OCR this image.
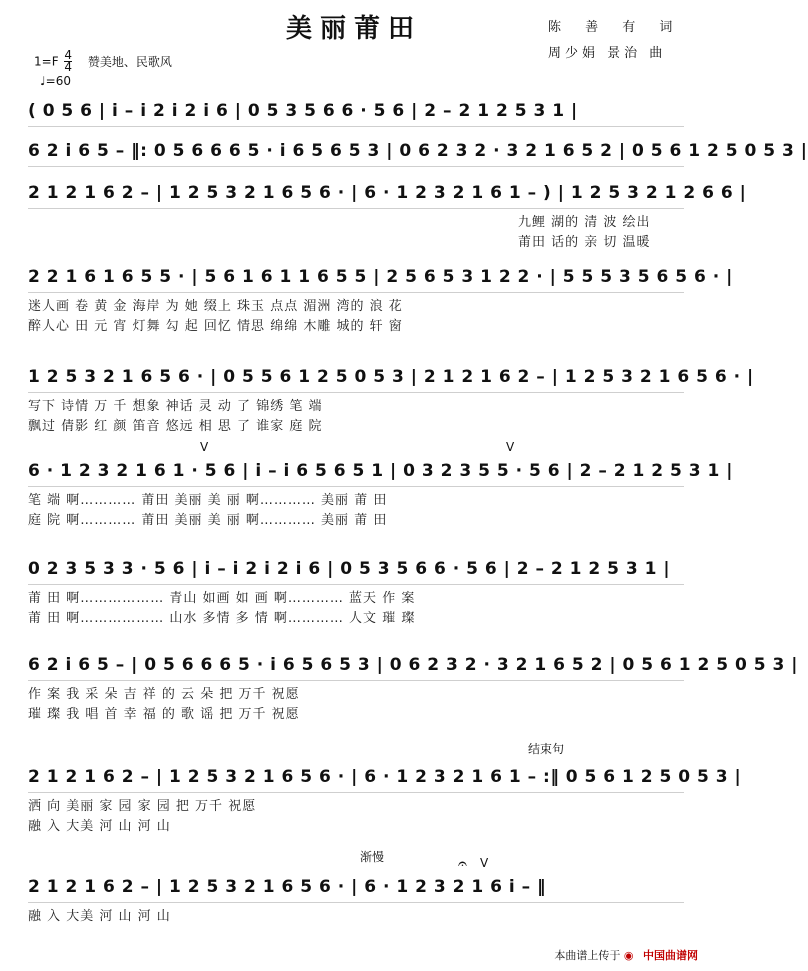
美丽莆田	陈 善 有 词
周少娟 景治 曲
$1=F \frac{4}{4}$ 赞美地、民歌风
♩=60
( 0 5 6 | i – i 2 i 2 i 6 | 0 5 3 5 6 6 · 5 6 | 2 – 2 1 2 5 3 1 |
6 2 i 6 5 – ‖: 0 5 6 6 6 5 · i 6 5 6 5 3 | 0 6 2 3 2 · 3 2 1 6 5 2 | 0 5 6 1 2 5 0 5 3 |
2 1 2 1 6 2 – | 1 2 5 3 2 1 6 5 6 · | 6 · 1 2 3 2 1 6 1 – ) | 1 2 5 3 2 1 2 6 6 |
九鲤 湖的 清 波 绘出
莆田 话的 亲 切 温暖
2 2 1 6 1 6 5 5 · | 5 6 1 6 1 1 6 5 5 | 2 5 6 5 3 1 2 2 · | 5 5 5 3 5 6 5 6 · |
迷人画 卷 黄 金 海岸 为 她 缀上 珠玉 点点 湄洲 湾的 浪 花
醉人心 田 元 宵 灯舞 勾 起 回忆 情思 绵绵 木雕 城的 轩 窗
1 2 5 3 2 1 6 5 6 · | 0 5 5 6 1 2 5 0 5 3 | 2 1 2 1 6 2 – | 1 2 5 3 2 1 6 5 6 · |
写下 诗情 万 千 想象 神话 灵 动 了 锦绣 笔 端
飘过 倩影 红 颜 笛音 悠远 相 思 了 谁家 庭 院
V	V
6 · 1 2 3 2 1 6 1 · 5 6 | i – i 6 5 6 5 1 | 0 3 2 3 5 5 · 5 6 | 2 – 2 1 2 5 3 1 |
笔 端 啊………… 莆田 美丽 美 丽 啊………… 美丽 莆 田
庭 院 啊………… 莆田 美丽 美 丽 啊………… 美丽 莆 田
0 2 3 5 3 3 · 5 6 | i – i 2 i 2 i 6 | 0 5 3 5 6 6 · 5 6 | 2 – 2 1 2 5 3 1 |
莆 田 啊……………… 青山 如画 如 画 啊………… 蓝天 作 案
莆 田 啊……………… 山水 多情 多 情 啊………… 人文 璀 璨
6 2 i 6 5 – | 0 5 6 6 6 5 · i 6 5 6 5 3 | 0 6 2 3 2 · 3 2 1 6 5 2 | 0 5 6 1 2 5 0 5 3 |
作 案 我 采 朵 吉 祥 的 云 朵 把 万千 祝愿
璀 璨 我 唱 首 幸 福 的 歌 谣 把 万千 祝愿
结束句
2 1 2 1 6 2 – | 1 2 5 3 2 1 6 5 6 · | 6 · 1 2 3 2 1 6 1 – :‖ 0 5 6 1 2 5 0 5 3 |
洒 向 美丽 家 园 家 园 把 万千 祝愿
融 入 大美 河 山 河 山
渐慢	𝄐 V
2 1 2 1 6 2 – | 1 2 5 3 2 1 6 5 6 · | 6 · 1 2 3 2 1 6 i – ‖
融 入 大美 河 山 河 山
本曲谱上传于 ◉ 中国曲谱网
